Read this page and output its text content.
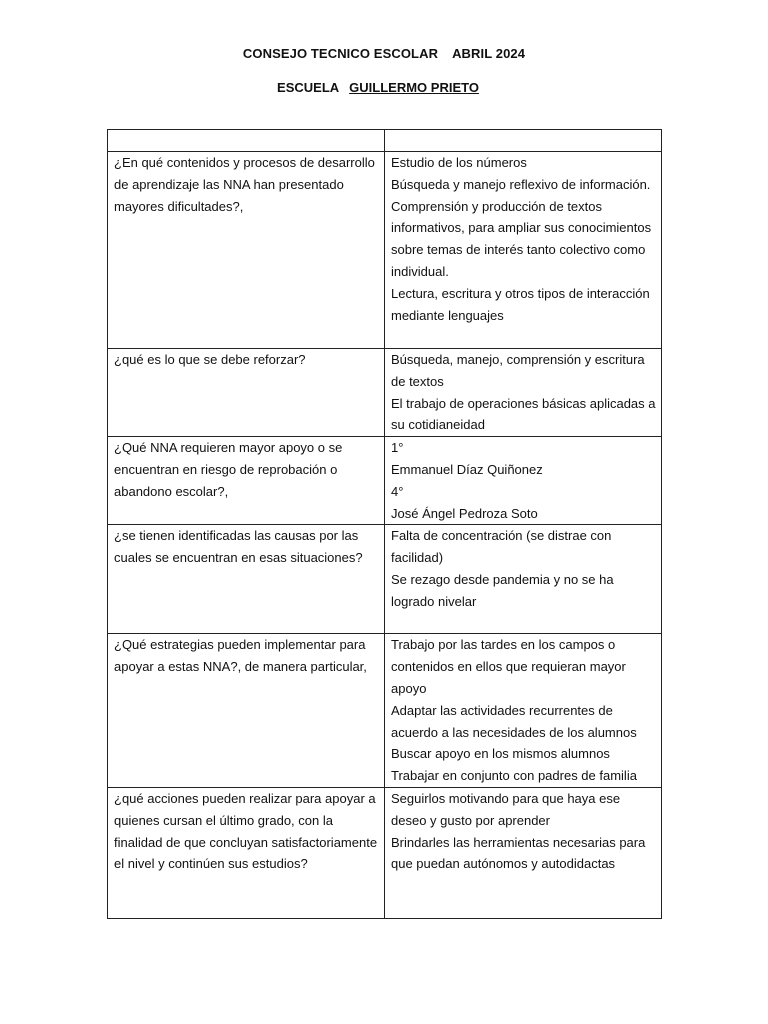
CONSEJO TECNICO ESCOLAR ABRIL 2024
ESCUELA GUILLERMO PRIETO

¿En qué contenidos y procesos de desarrollo de aprendizaje las NNA han presentado mayores dificultades?,	Estudio de los números
Búsqueda y manejo reflexivo de información.
Comprensión y producción de textos informativos, para ampliar sus conocimientos sobre temas de interés tanto colectivo como individual.
Lectura, escritura y otros tipos de interacción mediante lenguajes

¿qué es lo que se debe reforzar?	Búsqueda, manejo, comprensión y escritura de textos
El trabajo de operaciones básicas aplicadas a su cotidianeidad

¿Qué NNA requieren mayor apoyo o se encuentran en riesgo de reprobación o abandono escolar?,	1°
Emmanuel Díaz Quiñonez
4°
José Ángel Pedroza Soto

¿se tienen identificadas las causas por las cuales se encuentran en esas situaciones?	Falta de concentración (se distrae con facilidad)
Se rezago desde pandemia y no se ha logrado nivelar

¿Qué estrategias pueden implementar para apoyar a estas NNA?, de manera particular,	Trabajo por las tardes en los campos o contenidos en ellos que requieran mayor apoyo
Adaptar las actividades recurrentes de acuerdo a las necesidades de los alumnos
Buscar apoyo en los mismos alumnos
Trabajar en conjunto con padres de familia

¿qué acciones pueden realizar para apoyar a quienes cursan el último grado, con la finalidad de que concluyan satisfactoriamente el nivel y continúen sus estudios?	Seguirlos motivando para que haya ese deseo y gusto por aprender
Brindarles las herramientas necesarias para que puedan autónomos y autodidactas
